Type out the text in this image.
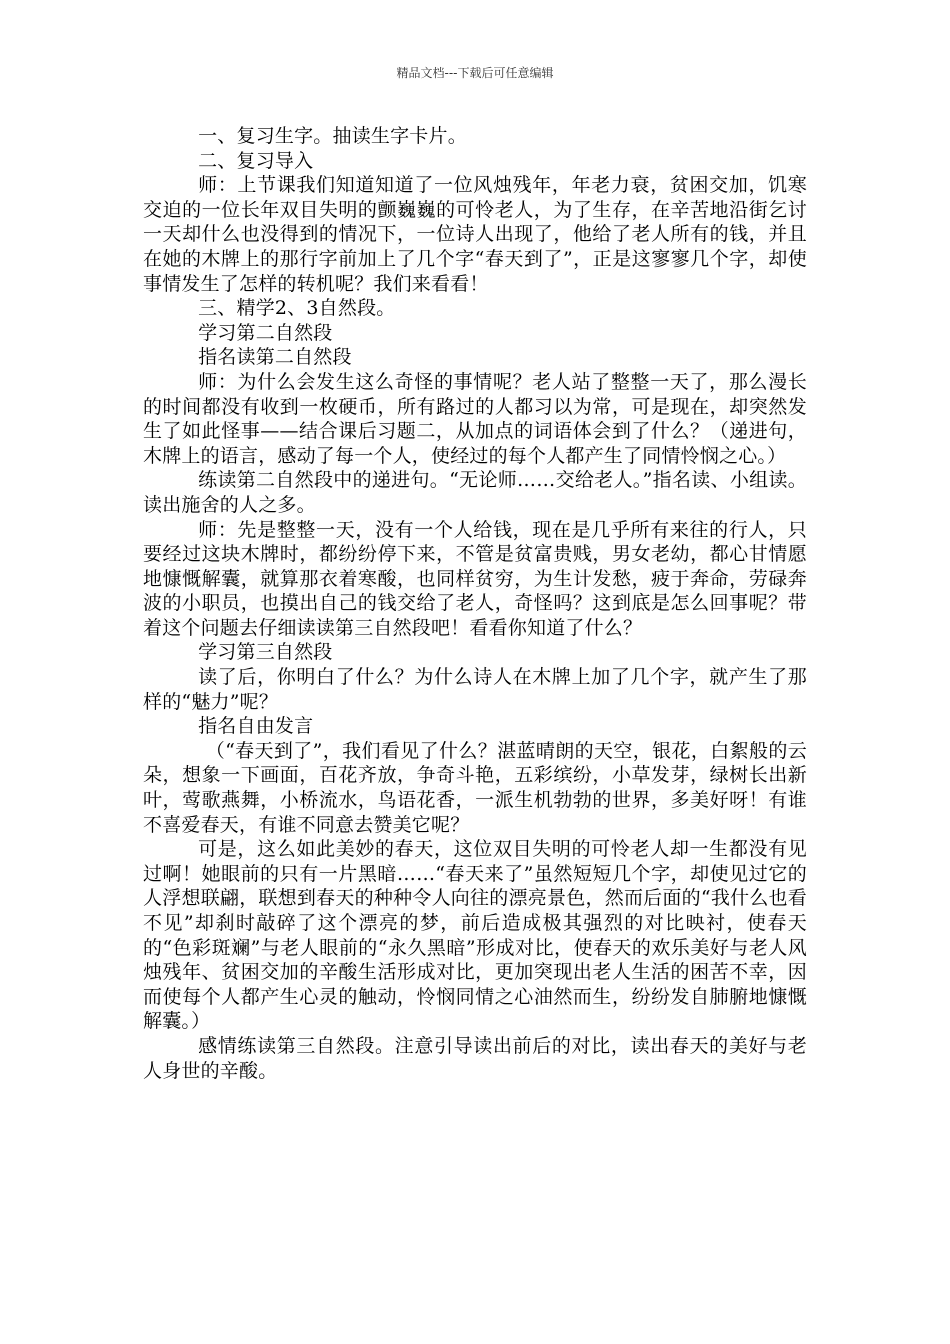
精品文档---下载后可任意编辑

一、复习生字。抽读生字卡片。

二、复习导入

师：上节课我们知道知道了一位风烛残年，年老力衰，贫困交加，饥寒交迫的一位长年双目失明的颤巍巍的可怜老人，为了生存，在辛苦地沿街乞讨一天却什么也没得到的情况下，一位诗人出现了，他给了老人所有的钱，并且在她的木牌上的那行字前加上了几个字“春天到了”，正是这寥寥几个字，却使事情发生了怎样的转机呢？我们来看看！

三、精学2、3自然段。

学习第二自然段

指名读第二自然段

师：为什么会发生这么奇怪的事情呢？老人站了整整一天了，那么漫长的时间都没有收到一枚硬币，所有路过的人都习以为常，可是现在，却突然发生了如此怪事——结合课后习题二，从加点的词语体会到了什么？（递进句，木牌上的语言，感动了每一个人，使经过的每个人都产生了同情怜悯之心。）

练读第二自然段中的递进句。“无论师……交给老人。”指名读、小组读。读出施舍的人之多。

师：先是整整一天，没有一个人给钱，现在是几乎所有来往的行人，只要经过这块木牌时，都纷纷停下来，不管是贫富贵贱，男女老幼，都心甘情愿地慷慨解囊，就算那衣着寒酸，也同样贫穷，为生计发愁，疲于奔命，劳碌奔波的小职员，也摸出自己的钱交给了老人，奇怪吗？这到底是怎么回事呢？带着这个问题去仔细读读第三自然段吧！看看你知道了什么？

学习第三自然段

读了后，你明白了什么？为什么诗人在木牌上加了几个字，就产生了那样的“魅力”呢？

指名自由发言

（“春天到了”，我们看见了什么？湛蓝晴朗的天空，银花，白絮般的云朵，想象一下画面，百花齐放，争奇斗艳，五彩缤纷，小草发芽，绿树长出新叶，莺歌燕舞，小桥流水，鸟语花香，一派生机勃勃的世界，多美好呀！有谁不喜爱春天，有谁不同意去赞美它呢？

可是，这么如此美妙的春天，这位双目失明的可怜老人却一生都没有见过啊！她眼前的只有一片黑暗……“春天来了”虽然短短几个字，却使见过它的人浮想联翩，联想到春天的种种令人向往的漂亮景色，然而后面的“我什么也看不见”却刹时敲碎了这个漂亮的梦，前后造成极其强烈的对比映衬，使春天的“色彩斑斓”与老人眼前的“永久黑暗”形成对比，使春天的欢乐美好与老人风烛残年、贫困交加的辛酸生活形成对比，更加突现出老人生活的困苦不幸，因而使每个人都产生心灵的触动，怜悯同情之心油然而生，纷纷发自肺腑地慷慨解囊。）

感情练读第三自然段。注意引导读出前后的对比，读出春天的美好与老人身世的辛酸。
